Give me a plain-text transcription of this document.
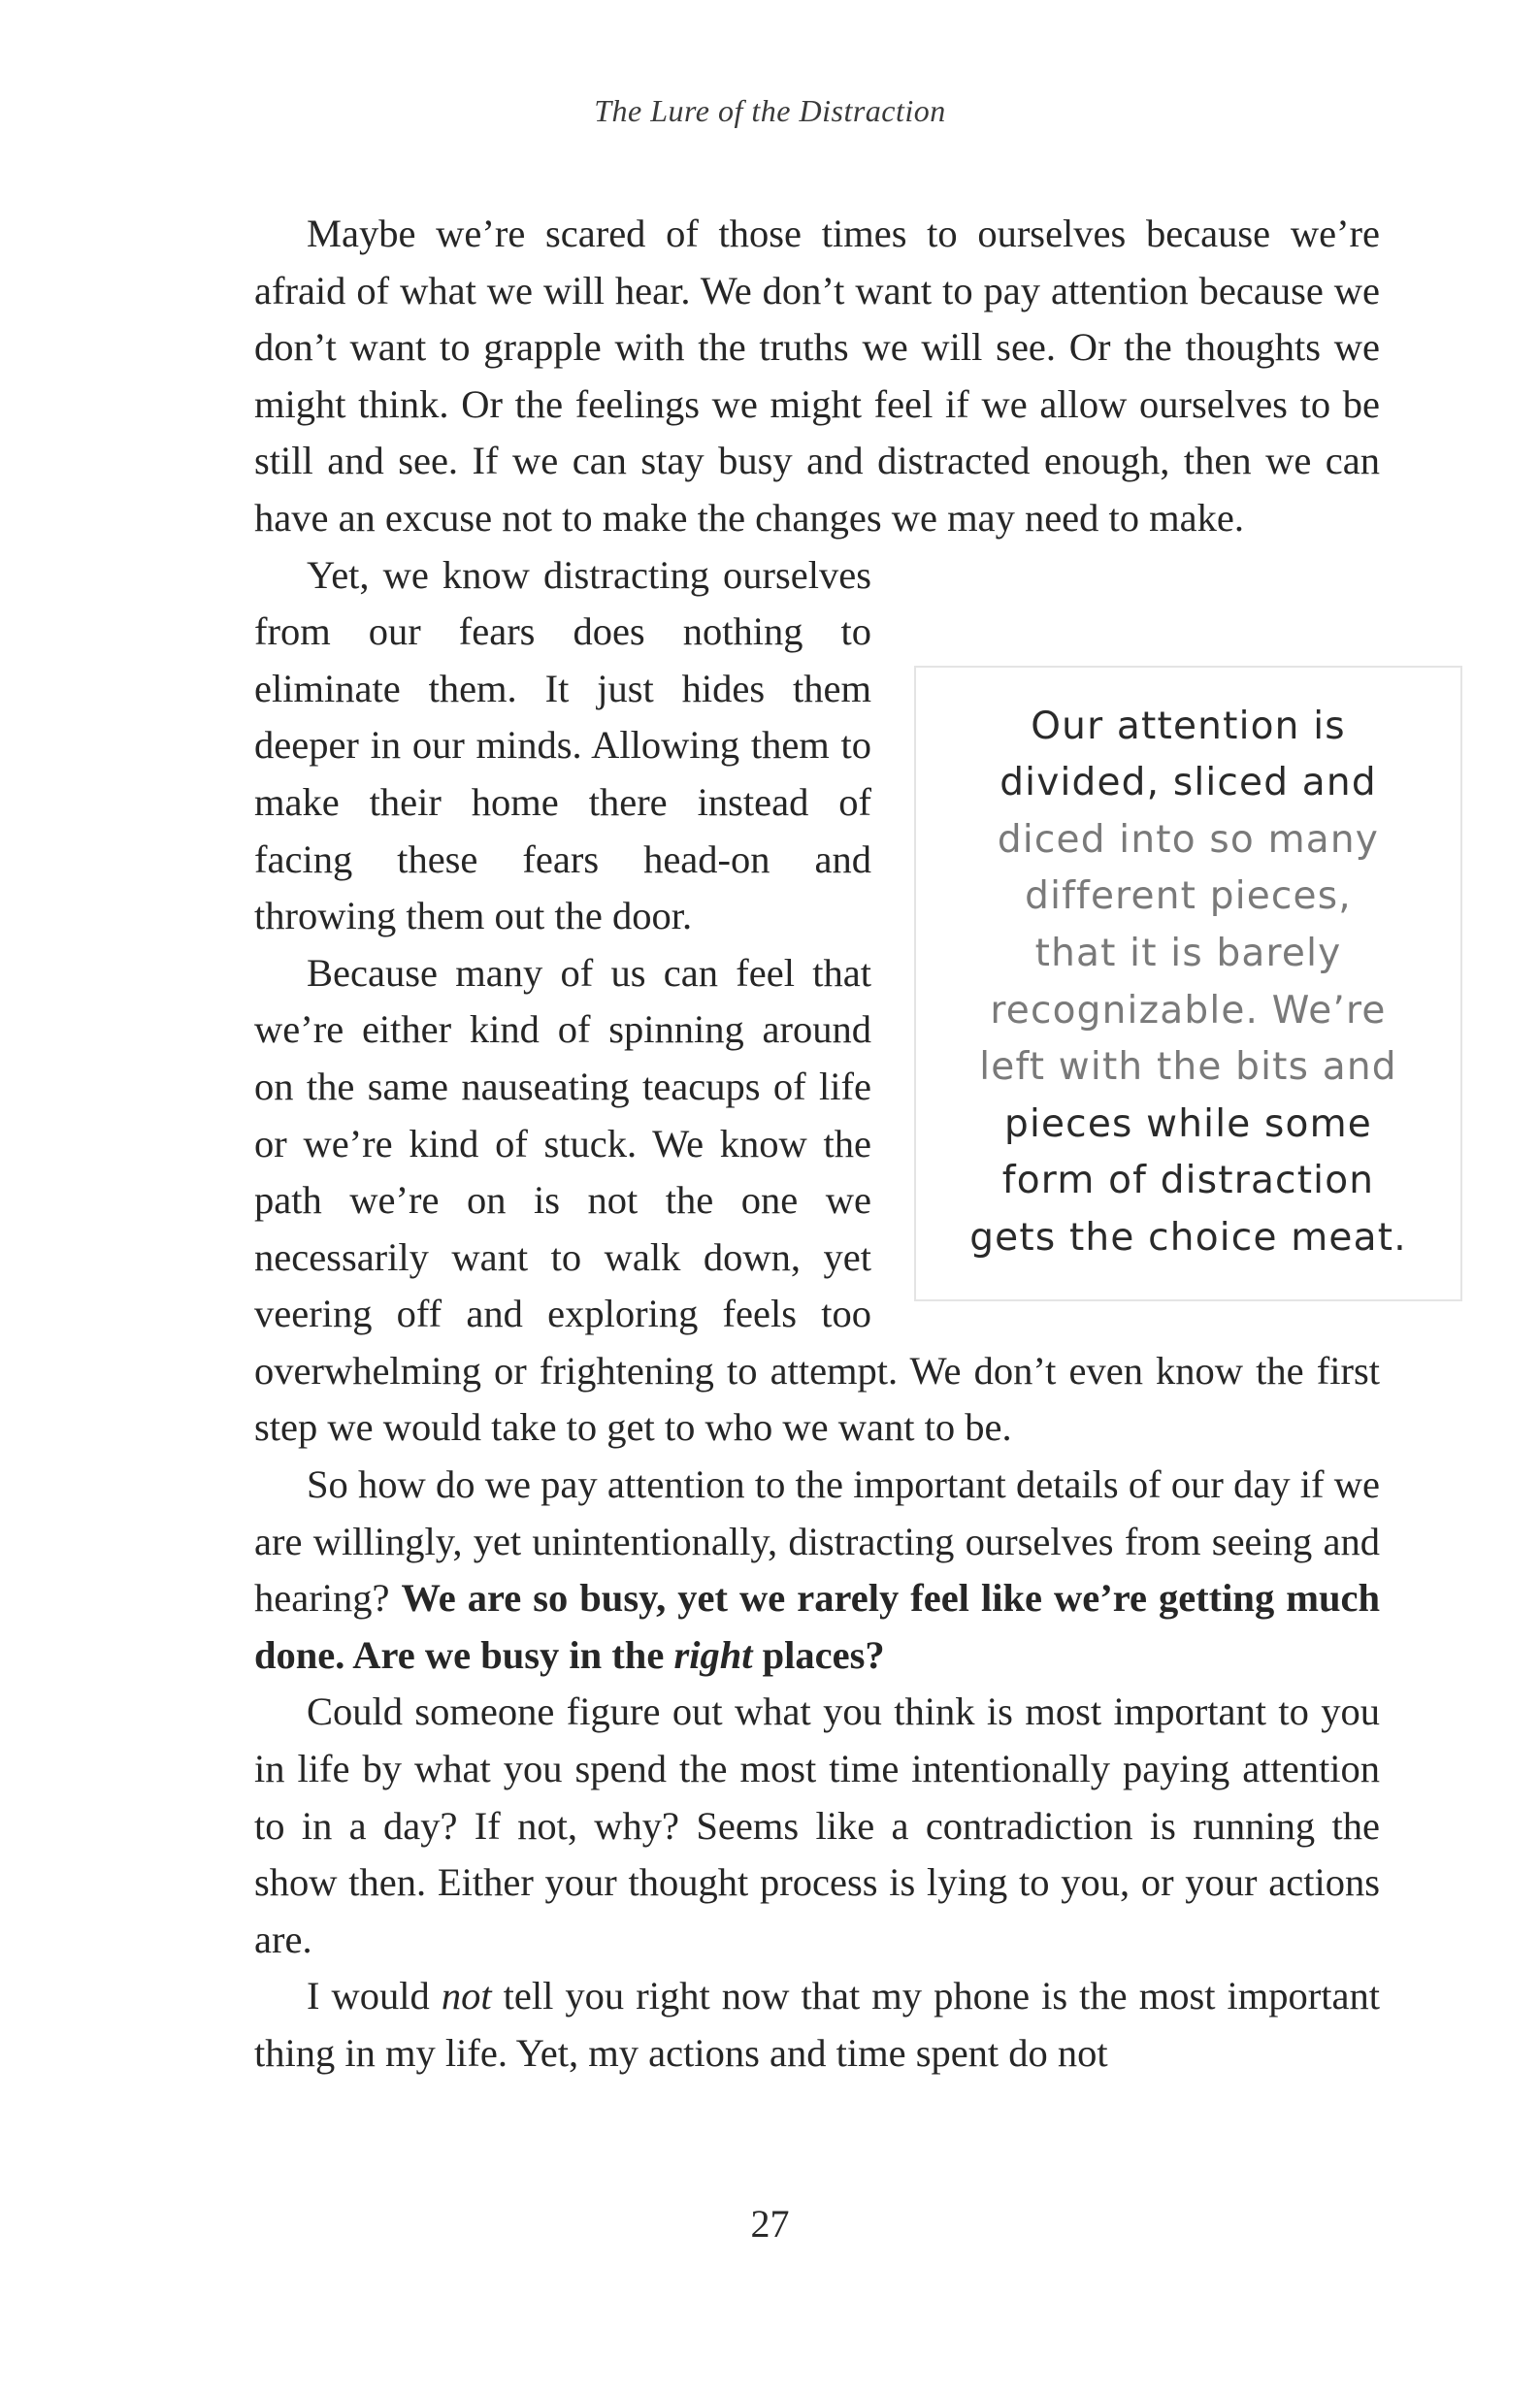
The Lure of the Distraction

Maybe we’re scared of those times to ourselves because we’re afraid of what we will hear. We don’t want to pay attention because we don’t want to grapple with the truths we will see. Or the thoughts we might think. Or the feelings we might feel if we allow ourselves to be still and see. If we can stay busy and distracted enough, then we can have an excuse not to make the changes we may need to make.

Our attention is
divided, sliced and
diced into so many
different pieces,
that it is barely
recognizable. We’re
left with the bits and
pieces while some
form of distraction
gets the choice meat.

Yet, we know distracting ourselves from our fears does nothing to eliminate them. It just hides them deeper in our minds. Allowing them to make their home there instead of facing these fears head-on and throwing them out the door.

Because many of us can feel that we’re either kind of spinning around on the same nauseating teacups of life or we’re kind of stuck. We know the path we’re on is not the one we necessarily want to walk down, yet veering off and exploring feels too overwhelming or frightening to attempt. We don’t even know the first step we would take to get to who we want to be.

So how do we pay attention to the important details of our day if we are willingly, yet unintentionally, distracting ourselves from seeing and hearing? We are so busy, yet we rarely feel like we’re getting much done. Are we busy in the right places?

Could someone figure out what you think is most important to you in life by what you spend the most time intentionally paying attention to in a day? If not, why? Seems like a contradiction is running the show then. Either your thought process is lying to you, or your actions are.

I would not tell you right now that my phone is the most important thing in my life. Yet, my actions and time spent do not

27
